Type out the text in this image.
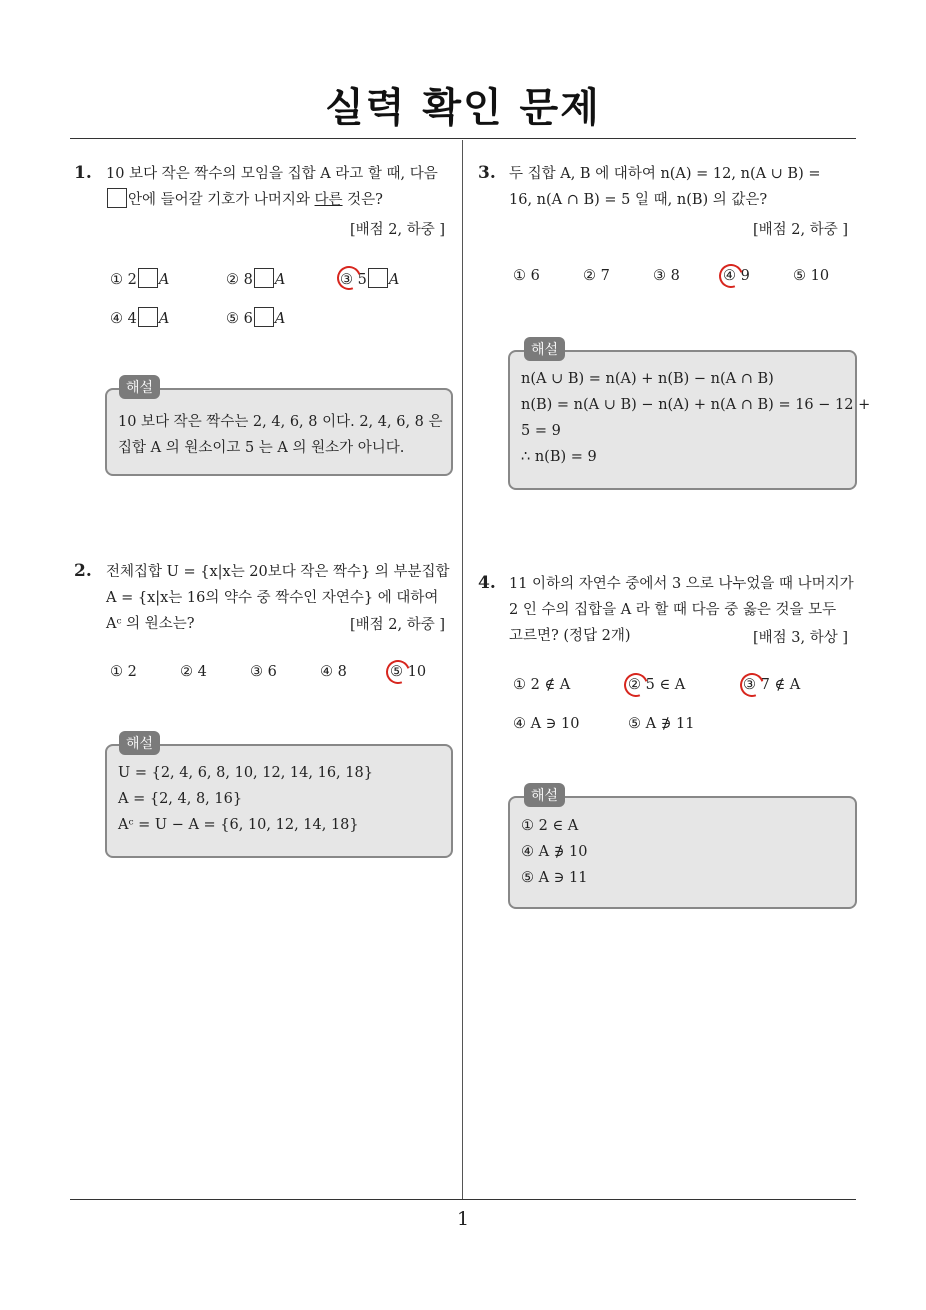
실력 확인 문제
1
1. 10 보다 작은 짝수의 모임을 집합 A 라고 할 때, 다음
안에 들어갈 기호가 나머지와 다른 것은?
[배점 2, 하중 ]
① 2 A	② 8 A	③ 5 A
④ 4 A	⑤ 6 A
해설
10 보다 작은 짝수는 2, 4, 6, 8 이다. 2, 4, 6, 8 은
집합 A 의 원소이고 5 는 A 의 원소가 아니다.
2. 전체집합 U = {x|x는 20보다 작은 짝수} 의 부분집합
A = {x|x는 16의 약수 중 짝수인 자연수} 에 대하여
Aᶜ 의 원소는?	[배점 2, 하중 ]
① 2	② 4	③ 6	④ 8	⑤ 10
해설
U = {2, 4, 6, 8, 10, 12, 14, 16, 18}
A = {2, 4, 8, 16}
Aᶜ = U − A = {6, 10, 12, 14, 18}
3. 두 집합 A, B 에 대하여 n(A) = 12, n(A ∪ B) =
16, n(A ∩ B) = 5 일 때, n(B) 의 값은?
[배점 2, 하중 ]
① 6	② 7	③ 8	④ 9	⑤ 10
해설
n(A ∪ B) = n(A) + n(B) − n(A ∩ B)
n(B) = n(A ∪ B) − n(A) + n(A ∩ B) = 16 − 12 +
5 = 9
∴ n(B) = 9
4. 11 이하의 자연수 중에서 3 으로 나누었을 때 나머지가
2 인 수의 집합을 A 라 할 때 다음 중 옳은 것을 모두
고르면? (정답 2개)	[배점 3, 하상 ]
① 2 ∉ A	② 5 ∈ A	③ 7 ∉ A
④ A ∋ 10	⑤ A ∌ 11
해설
① 2 ∈ A
④ A ∌ 10
⑤ A ∋ 11
